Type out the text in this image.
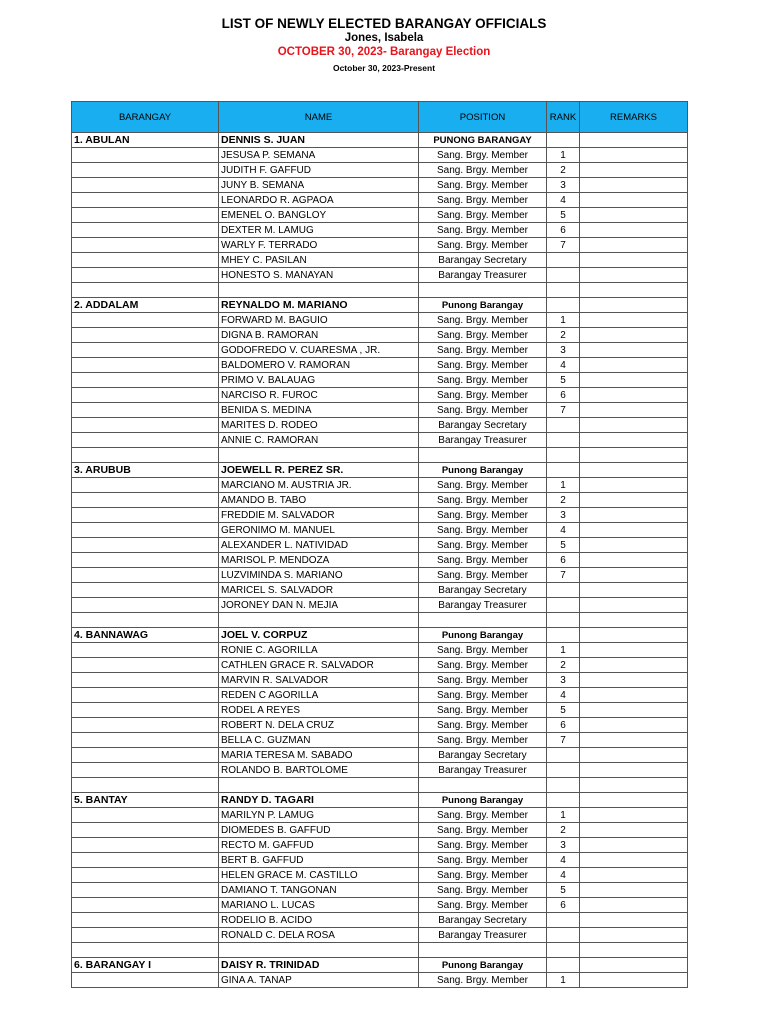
LIST OF NEWLY ELECTED BARANGAY OFFICIALS
Jones, Isabela
OCTOBER 30, 2023- Barangay Election
October 30, 2023-Present
BARANGAY	NAME	POSITION	RANK	REMARKS
1. ABULAN	DENNIS S. JUAN	PUNONG BARANGAY		
	JESUSA P. SEMANA	Sang. Brgy. Member	1	
	JUDITH F. GAFFUD	Sang. Brgy. Member	2	
	JUNY B. SEMANA	Sang. Brgy. Member	3	
	LEONARDO R. AGPAOA	Sang. Brgy. Member	4	
	EMENEL O. BANGLOY	Sang. Brgy. Member	5	
	DEXTER M. LAMUG	Sang. Brgy. Member	6	
	WARLY F. TERRADO	Sang. Brgy. Member	7	
	MHEY C. PASILAN	Barangay Secretary		
	HONESTO S. MANAYAN	Barangay Treasurer		

2. ADDALAM	REYNALDO M. MARIANO	Punong Barangay		
	FORWARD M. BAGUIO	Sang. Brgy. Member	1	
	DIGNA B. RAMORAN	Sang. Brgy. Member	2	
	GODOFREDO V. CUARESMA , JR.	Sang. Brgy. Member	3	
	BALDOMERO V. RAMORAN	Sang. Brgy. Member	4	
	PRIMO V. BALAUAG	Sang. Brgy. Member	5	
	NARCISO R. FUROC	Sang. Brgy. Member	6	
	BENIDA S. MEDINA	Sang. Brgy. Member	7	
	MARITES D. RODEO	Barangay Secretary		
	ANNIE C. RAMORAN	Barangay Treasurer		

3. ARUBUB	JOEWELL R. PEREZ SR.	Punong Barangay		
	MARCIANO M. AUSTRIA JR.	Sang. Brgy. Member	1	
	AMANDO B. TABO	Sang. Brgy. Member	2	
	FREDDIE M. SALVADOR	Sang. Brgy. Member	3	
	GERONIMO M. MANUEL	Sang. Brgy. Member	4	
	ALEXANDER L. NATIVIDAD	Sang. Brgy. Member	5	
	MARISOL P. MENDOZA	Sang. Brgy. Member	6	
	LUZVIMINDA S. MARIANO	Sang. Brgy. Member	7	
	MARICEL S. SALVADOR	Barangay Secretary		
	JORONEY DAN N. MEJIA	Barangay Treasurer		

4. BANNAWAG	JOEL V. CORPUZ	Punong Barangay		
	RONIE C. AGORILLA	Sang. Brgy. Member	1	
	CATHLEN GRACE R. SALVADOR	Sang. Brgy. Member	2	
	MARVIN R. SALVADOR	Sang. Brgy. Member	3	
	REDEN C AGORILLA	Sang. Brgy. Member	4	
	RODEL A REYES	Sang. Brgy. Member	5	
	ROBERT N. DELA CRUZ	Sang. Brgy. Member	6	
	BELLA C. GUZMAN	Sang. Brgy. Member	7	
	MARIA TERESA M. SABADO	Barangay Secretary		
	ROLANDO B. BARTOLOME	Barangay Treasurer		

5. BANTAY	RANDY D. TAGARI	Punong Barangay		
	MARILYN P. LAMUG	Sang. Brgy. Member	1	
	DIOMEDES B. GAFFUD	Sang. Brgy. Member	2	
	RECTO M. GAFFUD	Sang. Brgy. Member	3	
	BERT B. GAFFUD	Sang. Brgy. Member	4	
	HELEN GRACE M. CASTILLO	Sang. Brgy. Member	4	
	DAMIANO T. TANGONAN	Sang. Brgy. Member	5	
	MARIANO L. LUCAS	Sang. Brgy. Member	6	
	RODELIO B. ACIDO	Barangay Secretary		
	RONALD C. DELA ROSA	Barangay Treasurer		

6. BARANGAY I	DAISY R. TRINIDAD	Punong Barangay		
	GINA A. TANAP	Sang. Brgy. Member	1	
